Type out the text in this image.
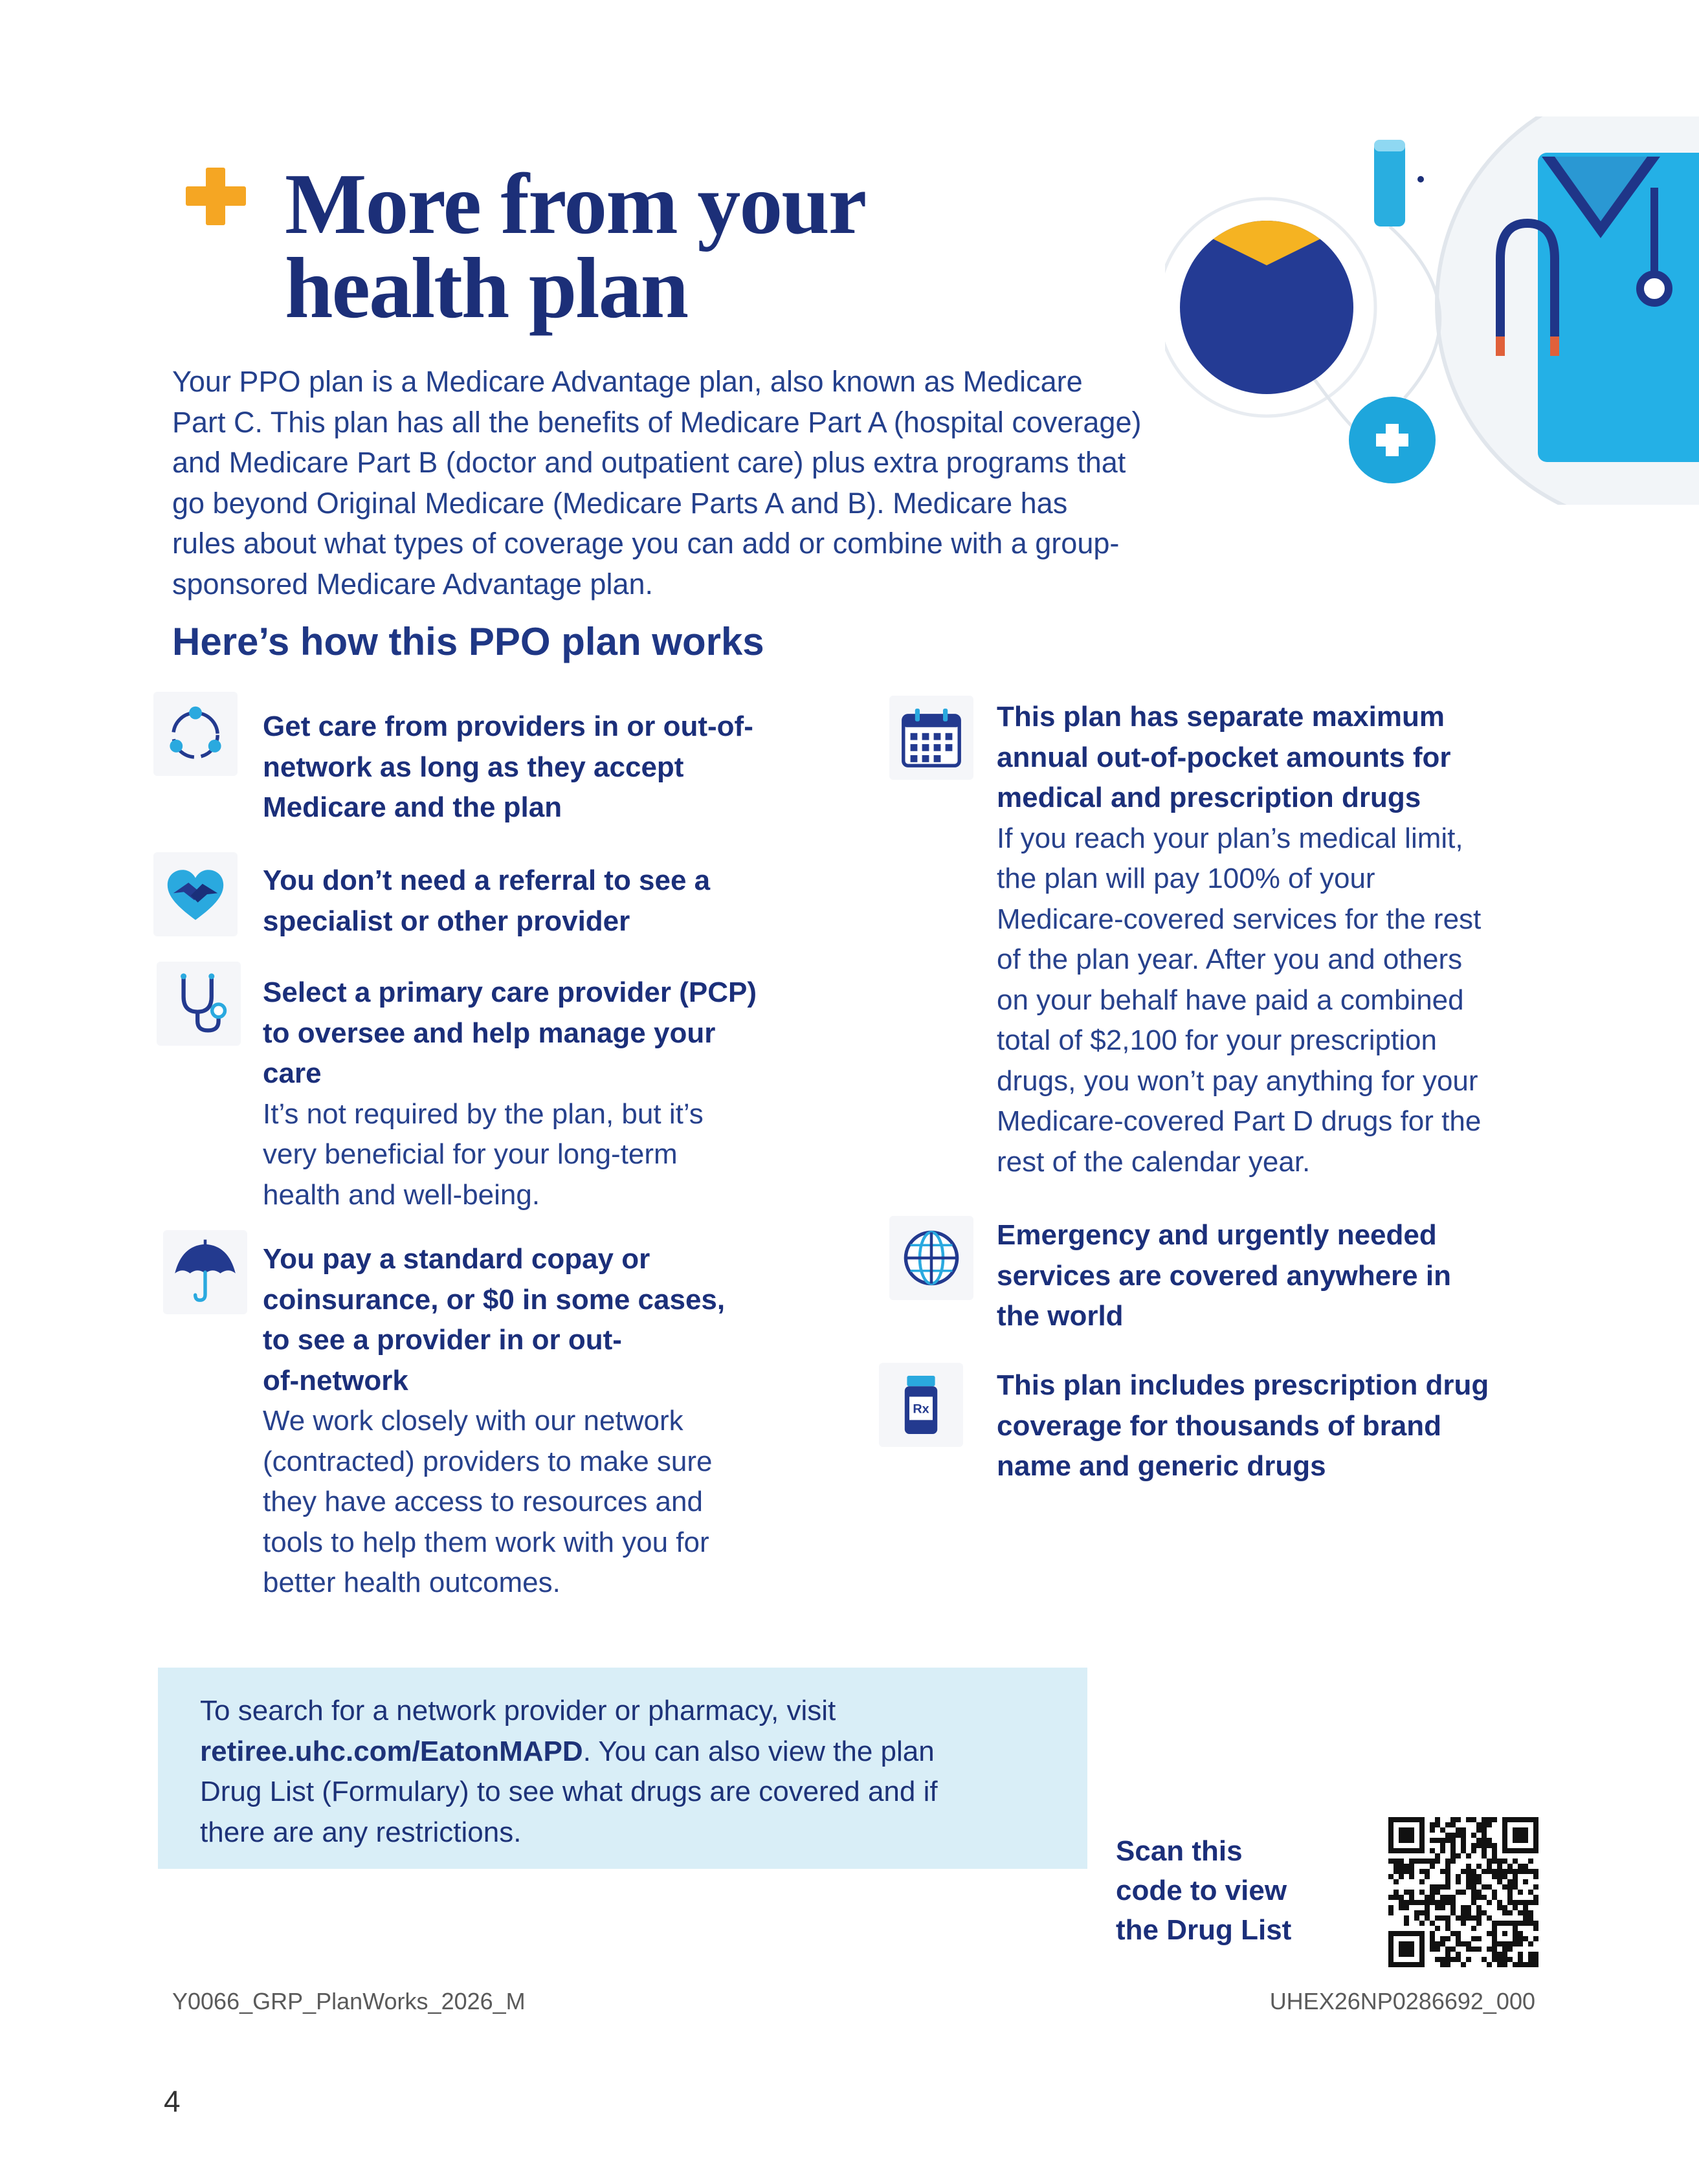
More from your
health plan

Your PPO plan is a Medicare Advantage plan, also known as Medicare
Part C. This plan has all the benefits of Medicare Part A (hospital coverage)
and Medicare Part B (doctor and outpatient care) plus extra programs that
go beyond Original Medicare (Medicare Parts A and B). Medicare has
rules about what types of coverage you can add or combine with a group-
sponsored Medicare Advantage plan.

Here’s how this PPO plan works
Rx
Get care from providers in or out-of-
network as long as they accept
Medicare and the plan
You don’t need a referral to see a
specialist or other provider
Select a primary care provider (PCP)
to oversee and help manage your
care
It’s not required by the plan, but it’s
very beneficial for your long-term
health and well-being.
You pay a standard copay or
coinsurance, or $0 in some cases,
to see a provider in or out-
of-network
We work closely with our network
(contracted) providers to make sure
they have access to resources and
tools to help them work with you for
better health outcomes.
This plan has separate maximum
annual out-of-pocket amounts for
medical and prescription drugs
If you reach your plan’s medical limit,
the plan will pay 100% of your
Medicare-covered services for the rest
of the plan year. After you and others
on your behalf have paid a combined
total of $2,100 for your prescription
drugs, you won’t pay anything for your
Medicare-covered Part D drugs for the
rest of the calendar year.
Emergency and urgently needed
services are covered anywhere in
the world
This plan includes prescription drug
coverage for thousands of brand
name and generic drugs

To search for a network provider or pharmacy, visit
retiree.uhc.com/EatonMAPD. You can also view the plan
Drug List (Formulary) to see what drugs are covered and if
there are any restrictions.

Scan this
code to view
the Drug List

Y0066_GRP_PlanWorks_2026_M	UHEX26NP0286692_000
4
